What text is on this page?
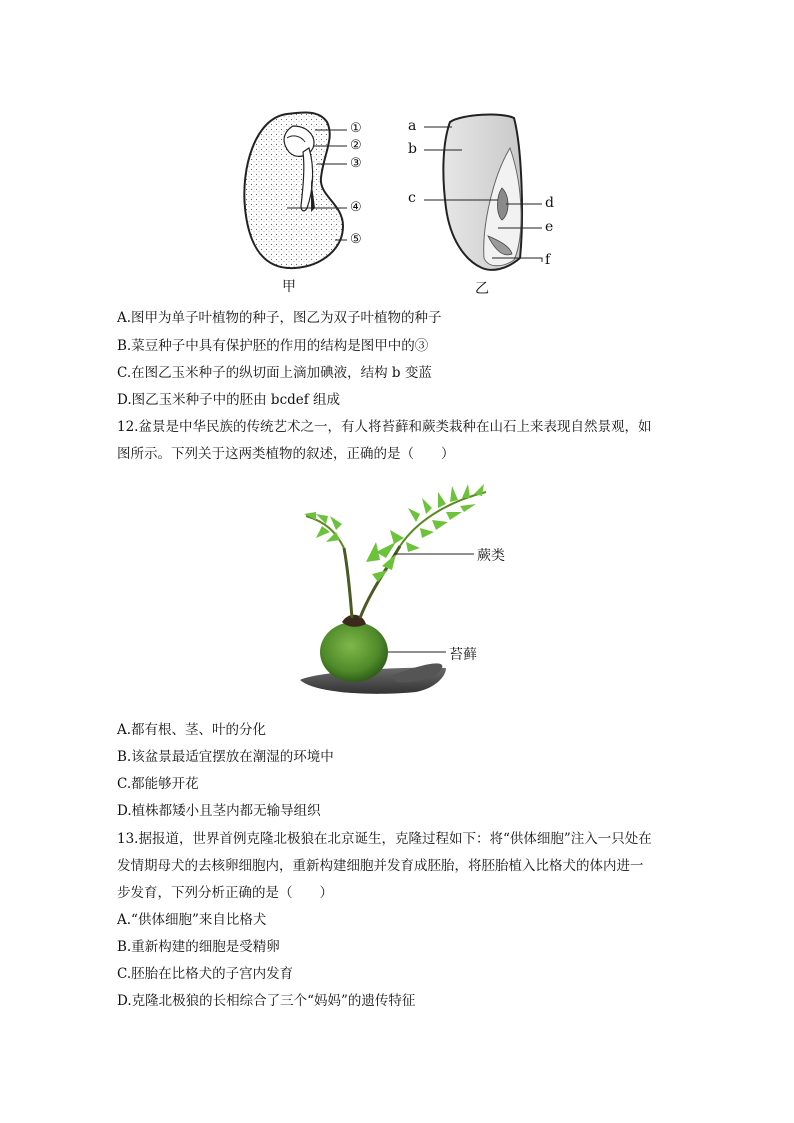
①
②
③
④
⑤
甲
a
b
c	d
e
f
乙
A.图甲为单子叶植物的种子，图乙为双子叶植物的种子
B.菜豆种子中具有保护胚的作用的结构是图甲中的③
C.在图乙玉米种子的纵切面上滴加碘液，结构 b 变蓝
D.图乙玉米种子中的胚由 bcdef 组成
12.盆景是中华民族的传统艺术之一，有人将苔藓和蕨类栽种在山石上来表现自然景观，如
图所示。下列关于这两类植物的叙述，正确的是（　　）
蕨类
苔藓
A.都有根、茎、叶的分化
B.该盆景最适宜摆放在潮湿的环境中
C.都能够开花
D.植株都矮小且茎内都无输导组织
13.据报道，世界首例克隆北极狼在北京诞生，克隆过程如下：将“供体细胞”注入一只处在
发情期母犬的去核卵细胞内，重新构建细胞并发育成胚胎，将胚胎植入比格犬的体内进一
步发育，下列分析正确的是（　　）
A.“供体细胞”来自比格犬
B.重新构建的细胞是受精卵
C.胚胎在比格犬的子宫内发育
D.克隆北极狼的长相综合了三个“妈妈”的遗传特征
